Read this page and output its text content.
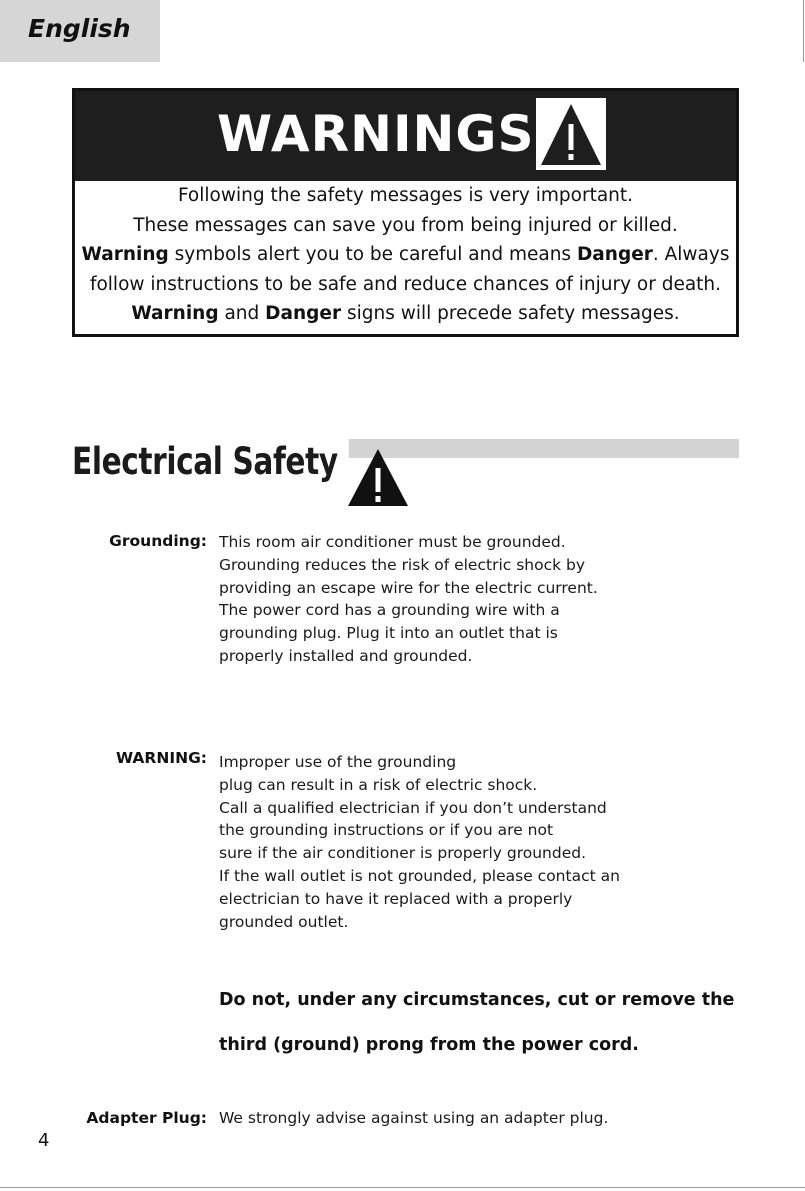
English
WARNINGS
Following the safety messages is very important.
These messages can save you from being injured or killed.
Warning symbols alert you to be careful and means Danger. Always
follow instructions to be safe and reduce chances of injury or death.
Warning and Danger signs will precede safety messages.
Electrical Safety
Grounding: This room air conditioner must be grounded.
Grounding reduces the risk of electric shock by
providing an escape wire for the electric current.
The power cord has a grounding wire with a
grounding plug. Plug it into an outlet that is
properly installed and grounded.
WARNING: Improper use of the grounding
plug can result in a risk of electric shock.
Call a qualified electrician if you don’t understand
the grounding instructions or if you are not
sure if the air conditioner is properly grounded.
If the wall outlet is not grounded, please contact an
electrician to have it replaced with a properly
grounded outlet.
Do not, under any circumstances, cut or remove the
third (ground) prong from the power cord.
Adapter Plug: We strongly advise against using an adapter plug.
4
